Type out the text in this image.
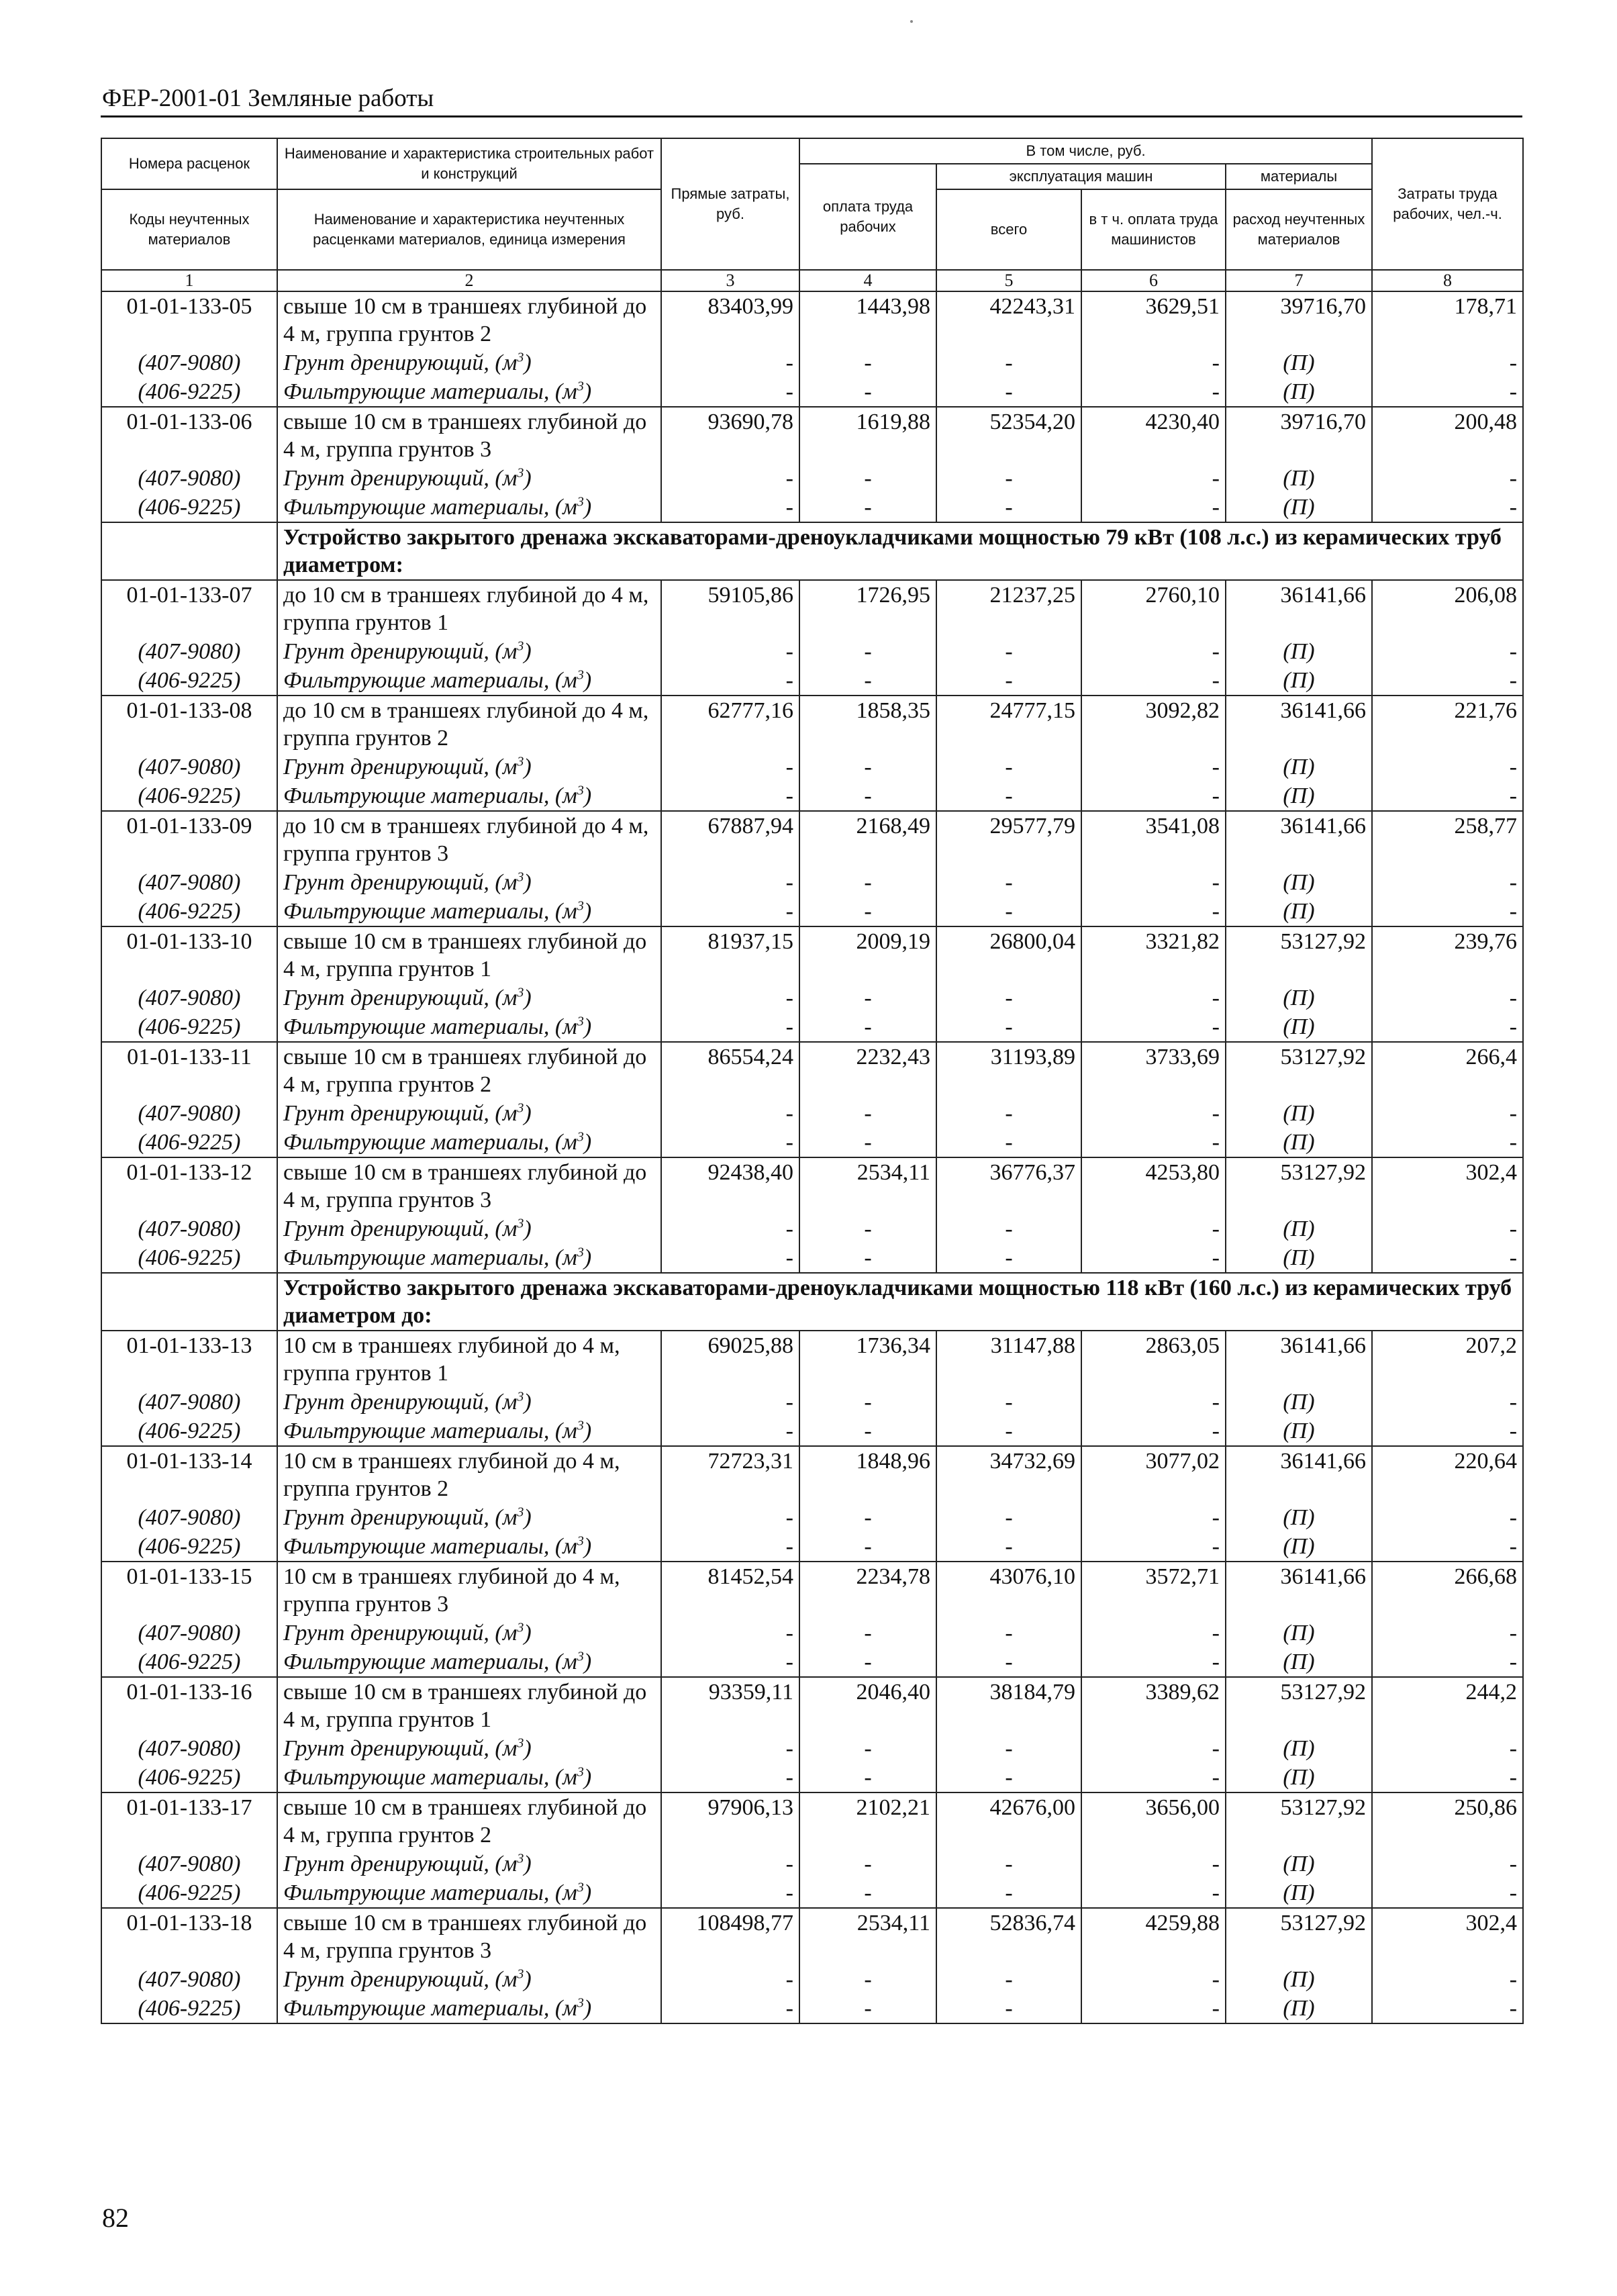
ФЕР-2001-01 Земляные работы
Номера расценок	Наименование и характеристика строительных работ и конструкций	Прямые затраты, руб.	В том числе, руб.				Затраты труда рабочих, чел.-ч.
			оплата труда рабочих	эксплуатация машин		материалы	
Коды неучтенных материалов	Наименование и характеристика неучтенных расценками материалов, единица измерения			всего	в т ч. оплата труда машинистов	расход неучтенных материалов	

1	2	3	4	5	6	7	8
01-01-133-05	свыше 10 см в траншеях глубиной до 4 м, группа грунтов 2	83403,99	1443,98	42243,31	3629,51	39716,70	178,71
(407-9080)	Грунт дренирующий, $(м^3)$	-	-	-	-	(П)	-
(406-9225)	Фильтрующие материалы, $(м^3)$	-	-	-	-	(П)	-
01-01-133-06	свыше 10 см в траншеях глубиной до 4 м, группа грунтов 3	93690,78	1619,88	52354,20	4230,40	39716,70	200,48
(407-9080)	Грунт дренирующий, $(м^3)$	-	-	-	-	(П)	-
(406-9225)	Фильтрующие материалы, $(м^3)$	-	-	-	-	(П)	-
	Устройство закрытого дренажа экскаваторами-дреноукладчиками мощностью 79 кВт (108 л.с.) из керамических труб диаметром:						
01-01-133-07	до 10 см в траншеях глубиной до 4 м, группа грунтов 1	59105,86	1726,95	21237,25	2760,10	36141,66	206,08
(407-9080)	Грунт дренирующий, $(м^3)$	-	-	-	-	(П)	-
(406-9225)	Фильтрующие материалы, $(м^3)$	-	-	-	-	(П)	-
01-01-133-08	до 10 см в траншеях глубиной до 4 м, группа грунтов 2	62777,16	1858,35	24777,15	3092,82	36141,66	221,76
(407-9080)	Грунт дренирующий, $(м^3)$	-	-	-	-	(П)	-
(406-9225)	Фильтрующие материалы, $(м^3)$	-	-	-	-	(П)	-
01-01-133-09	до 10 см в траншеях глубиной до 4 м, группа грунтов 3	67887,94	2168,49	29577,79	3541,08	36141,66	258,77
(407-9080)	Грунт дренирующий, $(м^3)$	-	-	-	-	(П)	-
(406-9225)	Фильтрующие материалы, $(м^3)$	-	-	-	-	(П)	-
01-01-133-10	свыше 10 см в траншеях глубиной до 4 м, группа грунтов 1	81937,15	2009,19	26800,04	3321,82	53127,92	239,76
(407-9080)	Грунт дренирующий, $(м^3)$	-	-	-	-	(П)	-
(406-9225)	Фильтрующие материалы, $(м^3)$	-	-	-	-	(П)	-
01-01-133-11	свыше 10 см в траншеях глубиной до 4 м, группа грунтов 2	86554,24	2232,43	31193,89	3733,69	53127,92	266,4
(407-9080)	Грунт дренирующий, $(м^3)$	-	-	-	-	(П)	-
(406-9225)	Фильтрующие материалы, $(м^3)$	-	-	-	-	(П)	-
01-01-133-12	свыше 10 см в траншеях глубиной до 4 м, группа грунтов 3	92438,40	2534,11	36776,37	4253,80	53127,92	302,4
(407-9080)	Грунт дренирующий, $(м^3)$	-	-	-	-	(П)	-
(406-9225)	Фильтрующие материалы, $(м^3)$	-	-	-	-	(П)	-
	Устройство закрытого дренажа экскаваторами-дреноукладчиками мощностью 118 кВт (160 л.с.) из керамических труб диаметром до:						
01-01-133-13	10 см в траншеях глубиной до 4 м, группа грунтов 1	69025,88	1736,34	31147,88	2863,05	36141,66	207,2
(407-9080)	Грунт дренирующий, $(м^3)$	-	-	-	-	(П)	-
(406-9225)	Фильтрующие материалы, $(м^3)$	-	-	-	-	(П)	-
01-01-133-14	10 см в траншеях глубиной до 4 м, группа грунтов 2	72723,31	1848,96	34732,69	3077,02	36141,66	220,64
(407-9080)	Грунт дренирующий, $(м^3)$	-	-	-	-	(П)	-
(406-9225)	Фильтрующие материалы, $(м^3)$	-	-	-	-	(П)	-
01-01-133-15	10 см в траншеях глубиной до 4 м, группа грунтов 3	81452,54	2234,78	43076,10	3572,71	36141,66	266,68
(407-9080)	Грунт дренирующий, $(м^3)$	-	-	-	-	(П)	-
(406-9225)	Фильтрующие материалы, $(м^3)$	-	-	-	-	(П)	-
01-01-133-16	свыше 10 см в траншеях глубиной до 4 м, группа грунтов 1	93359,11	2046,40	38184,79	3389,62	53127,92	244,2
(407-9080)	Грунт дренирующий, $(м^3)$	-	-	-	-	(П)	-
(406-9225)	Фильтрующие материалы, $(м^3)$	-	-	-	-	(П)	-
01-01-133-17	свыше 10 см в траншеях глубиной до 4 м, группа грунтов 2	97906,13	2102,21	42676,00	3656,00	53127,92	250,86
(407-9080)	Грунт дренирующий, $(м^3)$	-	-	-	-	(П)	-
(406-9225)	Фильтрующие материалы, $(м^3)$	-	-	-	-	(П)	-
01-01-133-18	свыше 10 см в траншеях глубиной до 4 м, группа грунтов 3	108498,77	2534,11	52836,74	4259,88	53127,92	302,4
(407-9080)	Грунт дренирующий, $(м^3)$	-	-	-	-	(П)	-
(406-9225)	Фильтрующие материалы, $(м^3)$	-	-	-	-	(П)	-
82
